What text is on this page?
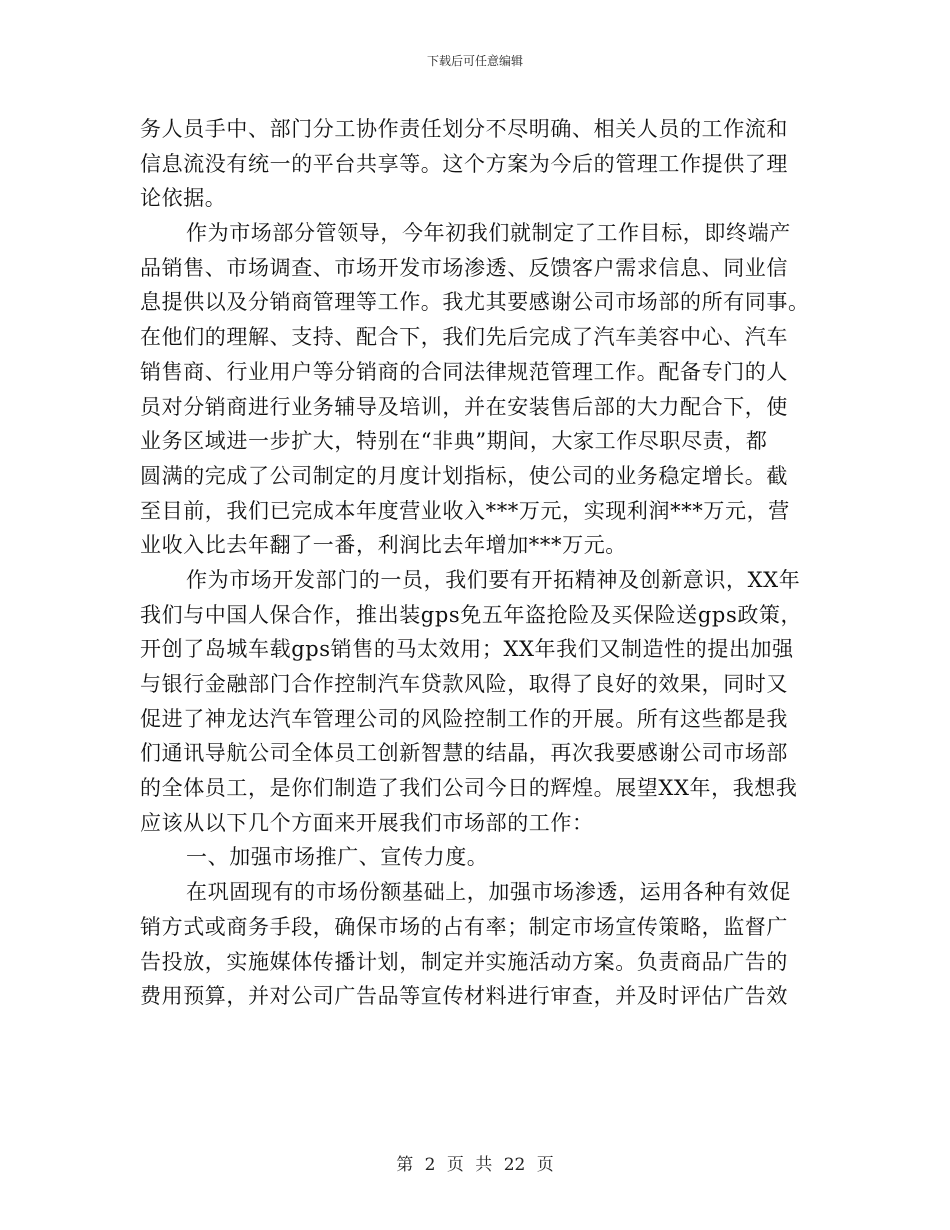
下载后可任意编辑
务人员手中、部门分工协作责任划分不尽明确、相关人员的工作流和
信息流没有统一的平台共享等。这个方案为今后的管理工作提供了理
论依据。
作为市场部分管领导，今年初我们就制定了工作目标，即终端产
品销售、市场调查、市场开发市场渗透、反馈客户需求信息、同业信
息提供以及分销商管理等工作。我尤其要感谢公司市场部的所有同事。
在他们的理解、支持、配合下，我们先后完成了汽车美容中心、汽车
销售商、行业用户等分销商的合同法律规范管理工作。配备专门的人
员对分销商进行业务辅导及培训，并在安装售后部的大力配合下，使
业务区域进一步扩大，特别在“非典”期间，大家工作尽职尽责，都
圆满的完成了公司制定的月度计划指标，使公司的业务稳定增长。截
至目前，我们已完成本年度营业收入***万元，实现利润***万元，营
业收入比去年翻了一番，利润比去年增加***万元。
作为市场开发部门的一员，我们要有开拓精神及创新意识，XX年
我们与中国人保合作，推出装gps免五年盗抢险及买保险送gps政策，
开创了岛城车载gps销售的马太效用；XX年我们又制造性的提出加强
与银行金融部门合作控制汽车贷款风险，取得了良好的效果，同时又
促进了神龙达汽车管理公司的风险控制工作的开展。所有这些都是我
们通讯导航公司全体员工创新智慧的结晶，再次我要感谢公司市场部
的全体员工，是你们制造了我们公司今日的辉煌。展望XX年，我想我
应该从以下几个方面来开展我们市场部的工作：
一、加强市场推广、宣传力度。
在巩固现有的市场份额基础上，加强市场渗透，运用各种有效促
销方式或商务手段，确保市场的占有率；制定市场宣传策略，监督广
告投放，实施媒体传播计划，制定并实施活动方案。负责商品广告的
费用预算，并对公司广告品等宣传材料进行审查，并及时评估广告效
第 2 页 共 22 页
